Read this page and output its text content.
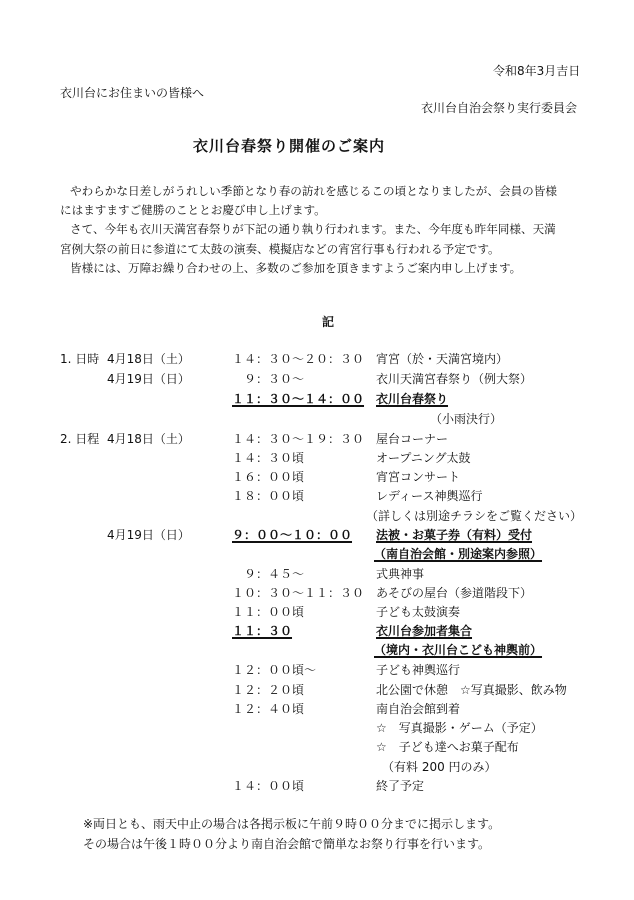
令和8年3月吉日
衣川台にお住まいの皆様へ
衣川台自治会祭り実行委員会
衣川台春祭り開催のご案内
やわらかな日差しがうれしい季節となり春の訪れを感じるこの頃となりましたが、会員の皆様
にはますますご健勝のこととお慶び申し上げます。
さて、今年も衣川天満宮春祭りが下記の通り執り行われます。また、今年度も昨年同様、天満
宮例大祭の前日に参道にて太鼓の演奏、模擬店などの宵宮行事も行われる予定です。
皆様には、万障お繰り合わせの上、多数のご参加を頂きますようご案内申し上げます。
記
1. 日時 4月18日（土）	１４：３０～２０：３０ 宵宮（於・天満宮境内）
4月19日（日）	９：３０～	衣川天満宮春祭り（例大祭）
１１：３０～１４：００ 衣川台春祭り
（小雨決行）
2. 日程 4月18日（土）	１４：３０～１９：３０ 屋台コーナー
１４：３０頃	オープニング太鼓
１６：００頃	宵宮コンサート
１８：００頃	レディース神輿巡行
（詳しくは別途チラシをご覧ください）
4月19日（日）	９：００～１０：００ 法被・お菓子券（有料）受付
（南自治会館・別途案内参照）
９：４５～	式典神事
１０：３０～１１：３０ あそびの屋台（参道階段下）
１１：００頃	子ども太鼓演奏
１１：３０	衣川台参加者集合
（境内・衣川台こども神輿前）
１２：００頃～	子ども神輿巡行
１２：２０頃	北公園で休憩　☆写真撮影、飲み物
１２：４０頃	南自治会館到着
☆　写真撮影・ゲーム（予定）
☆　子ども達へお菓子配布
（有料 200 円のみ）
１４：００頃	終了予定
※両日とも、雨天中止の場合は各掲示板に午前９時００分までに掲示します。
その場合は午後１時００分より南自治会館で簡単なお祭り行事を行います。
